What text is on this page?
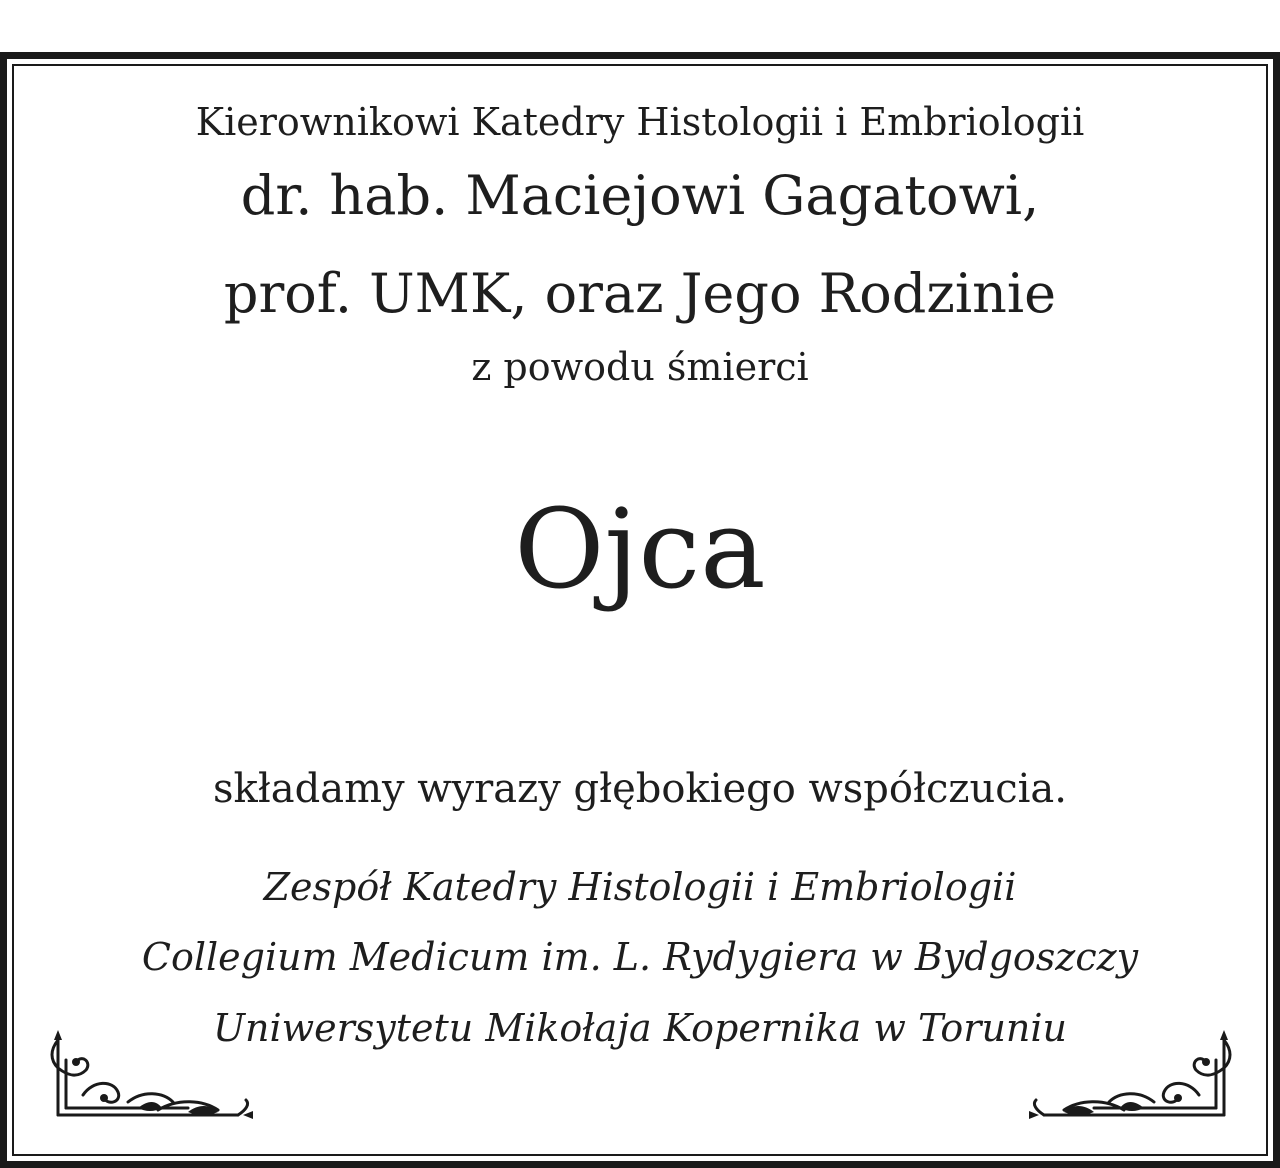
Kierownikowi Katedry Histologii i Embriologii
dr. hab. Maciejowi Gagatowi,
prof. UMK, oraz Jego Rodzinie
z powodu śmierci
Ojca
składamy wyrazy głębokiego współczucia.
Zespół Katedry Histologii i Embriologii
Collegium Medicum im. L. Rydygiera w Bydgoszczy
Uniwersytetu Mikołaja Kopernika w Toruniu
